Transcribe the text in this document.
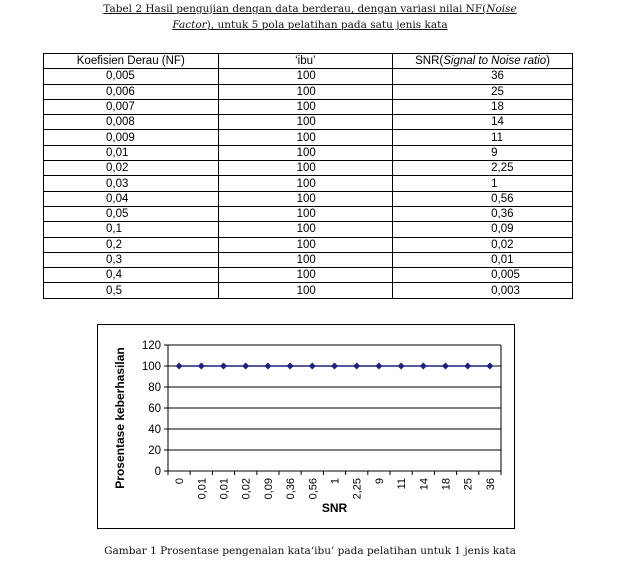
Tabel 2 Hasil pengujian dengan data berderau, dengan variasi nilai NF(Noise
Factor), untuk 5 pola pelatihan pada satu jenis kata
Koefisien Derau (NF)	‘ibu’	SNR(Signal to Noise ratio)
0,005	100	36
0,006	100	25
0,007	100	18
0,008	100	14
0,009	100	11
0,01	100	9
0,02	100	2,25
0,03	100	1
0,04	100	0,56
0,05	100	0,36
0,1	100	0,09
0,2	100	0,02
0,3	100	0,01
0,4	100	0,005
0,5	100	0,003
0
20
40
60
80
100
120
0 0,01 0,01 0,02 0,09 0,36 0,56 1 2,25 9 11 14 18 25 36
SNR
Prosentase keberhasilan
Gambar 1 Prosentase pengenalan kata‘ibu’ pada pelatihan untuk 1 jenis kata
